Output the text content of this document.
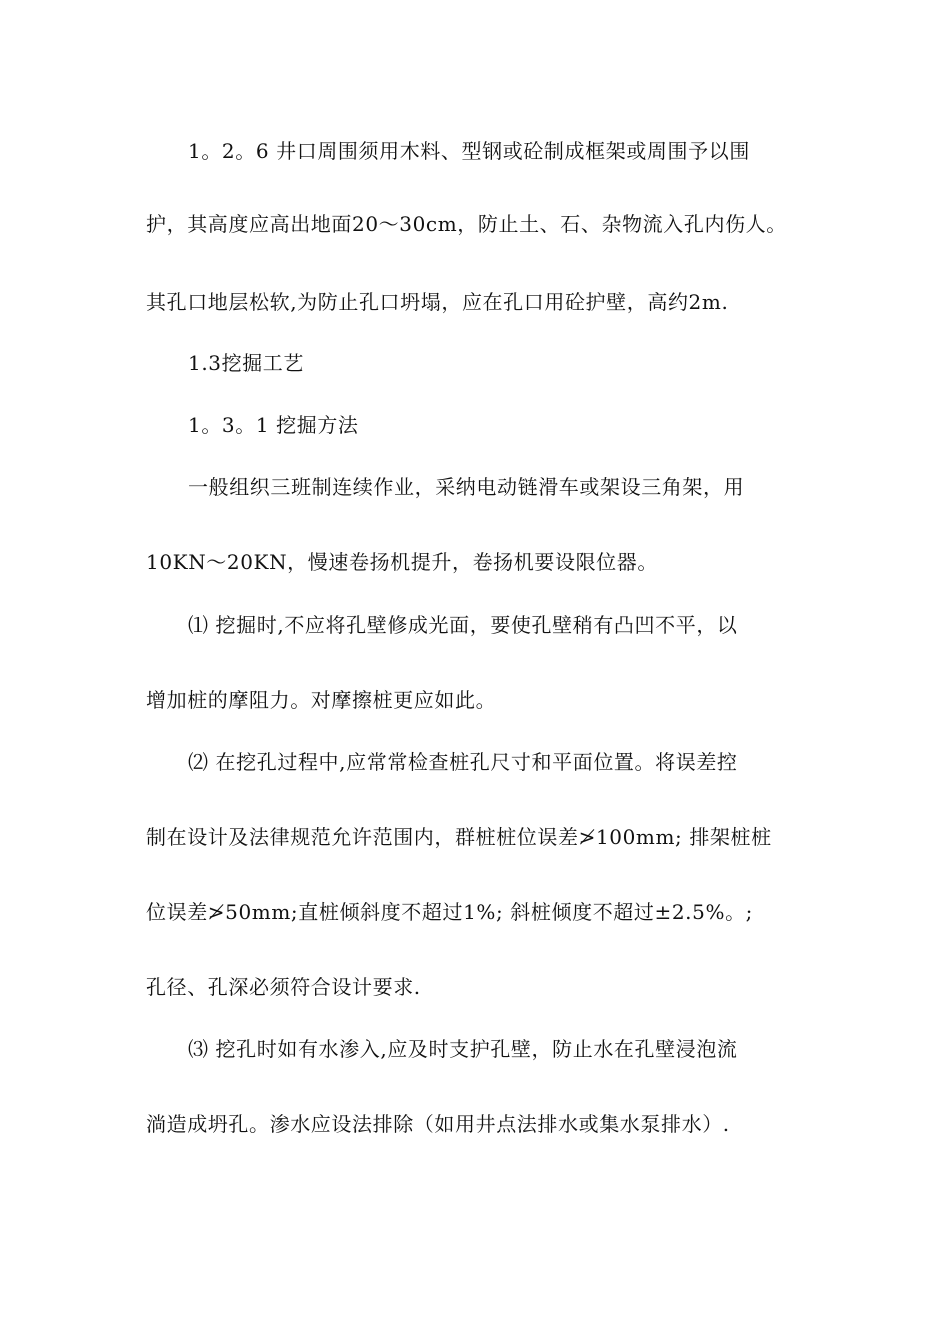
1。2。6 井口周围须用木料、型钢或砼制成框架或周围予以围
护，其高度应高出地面20～30cm，防止土、石、杂物流入孔内伤人。
其孔口地层松软,为防止孔口坍塌，应在孔口用砼护壁，高约2m.
1.3挖掘工艺
1。3。1 挖掘方法
一般组织三班制连续作业，采纳电动链滑车或架设三角架，用
10KN～20KN，慢速卷扬机提升，卷扬机要设限位器。
⑴ 挖掘时,不应将孔壁修成光面，要使孔壁稍有凸凹不平，以
增加桩的摩阻力。对摩擦桩更应如此。
⑵ 在挖孔过程中,应常常检查桩孔尺寸和平面位置。将误差控
制在设计及法律规范允许范围内，群桩桩位误差≯100mm; 排架桩桩
位误差≯50mm;直桩倾斜度不超过1%; 斜桩倾度不超过±2.5%。;
孔径、孔深必须符合设计要求.
⑶ 挖孔时如有水渗入,应及时支护孔壁，防止水在孔壁浸泡流
淌造成坍孔。渗水应设法排除（如用井点法排水或集水泵排水）.
